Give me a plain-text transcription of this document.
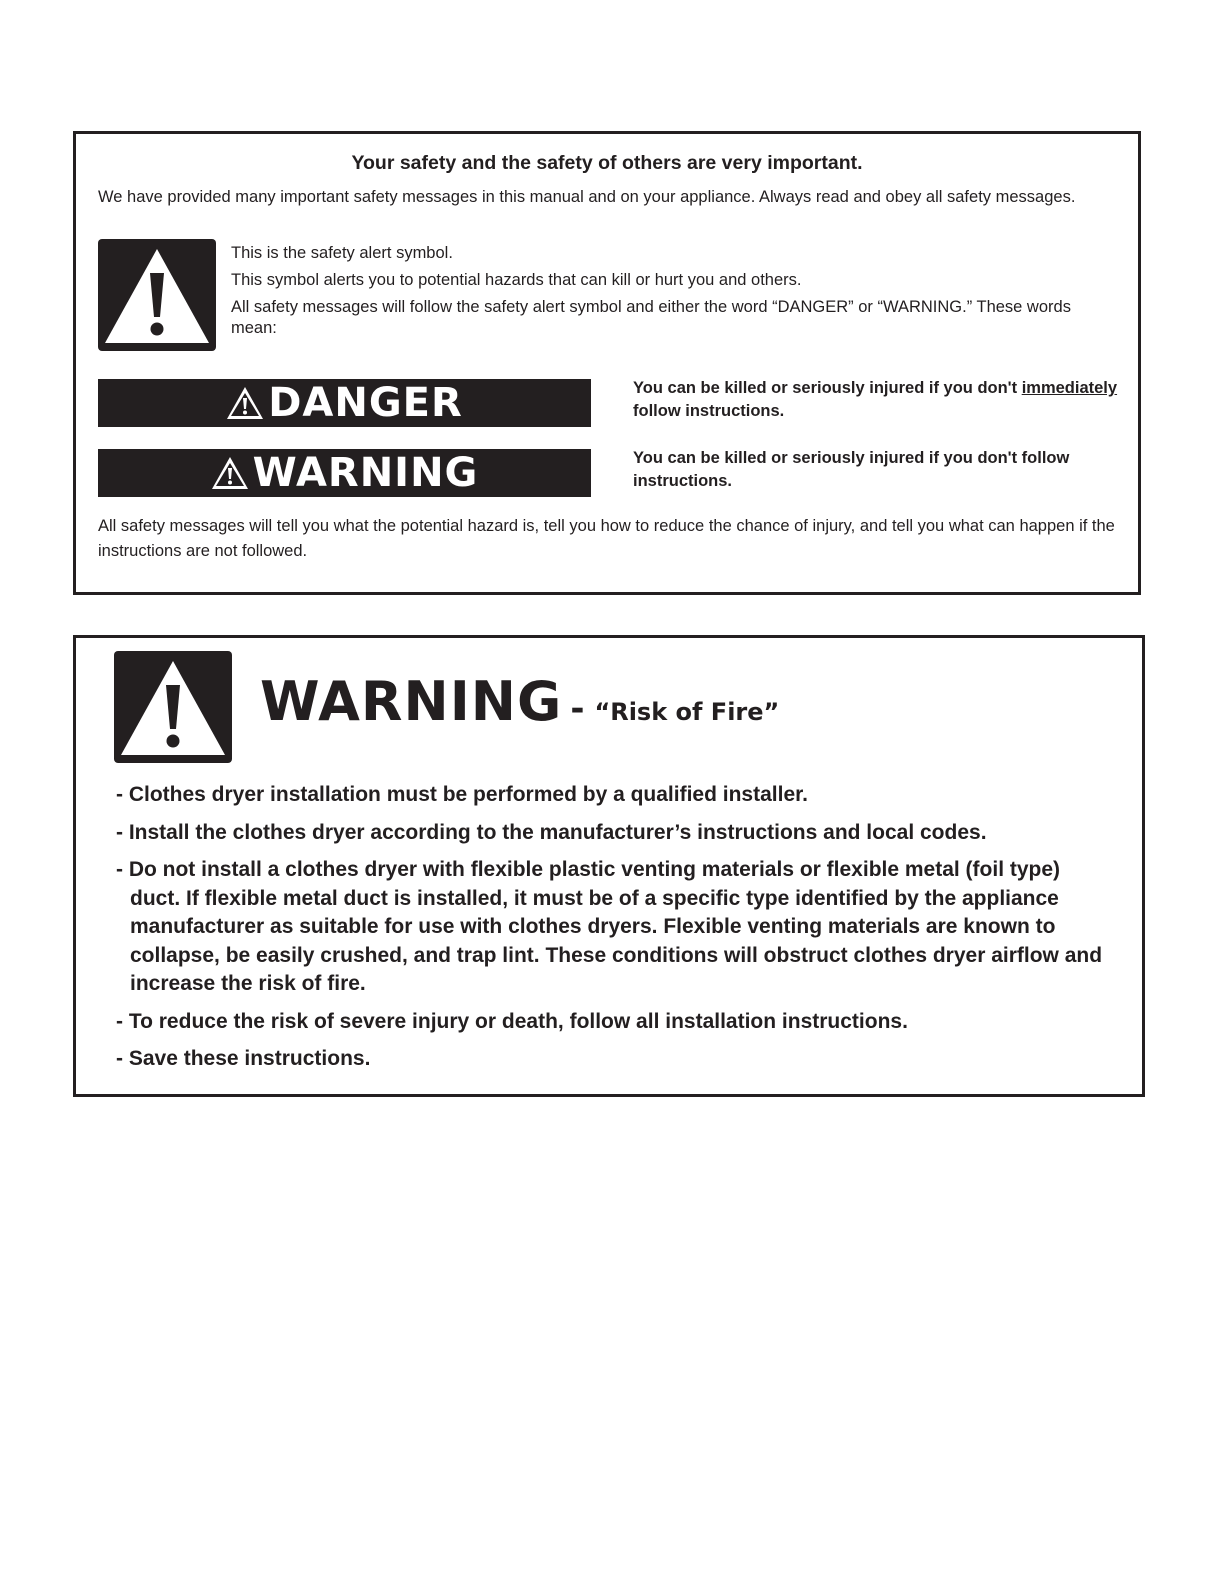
Your safety and the safety of others are very important.
We have provided many important safety messages in this manual and on your appliance. Always read and obey all safety messages.

This is the safety alert symbol.

This symbol alerts you to potential hazards that can kill or hurt you and others.

All safety messages will follow the safety alert symbol and either the word “DANGER” or “WARNING.” These words mean:

DANGER	You can be killed or seriously injured if you don't immediately follow instructions.
WARNING	You can be killed or seriously injured if you don't follow instructions.
All safety messages will tell you what the potential hazard is, tell you how to reduce the chance of injury, and tell you what can happen if the instructions are not followed.
WARNING - “Risk of Fire”
- Clothes dryer installation must be performed by a qualified installer.
- Install the clothes dryer according to the manufacturer’s instructions and local codes.
- Do not install a clothes dryer with flexible plastic venting materials or flexible metal (foil type) duct. If flexible metal duct is installed, it must be of a specific type identified by the appliance manufacturer as suitable for use with clothes dryers. Flexible venting materials are known to collapse, be easily crushed, and trap lint. These conditions will obstruct clothes dryer airflow and increase the risk of fire.
- To reduce the risk of severe injury or death, follow all installation instructions.
- Save these instructions.
